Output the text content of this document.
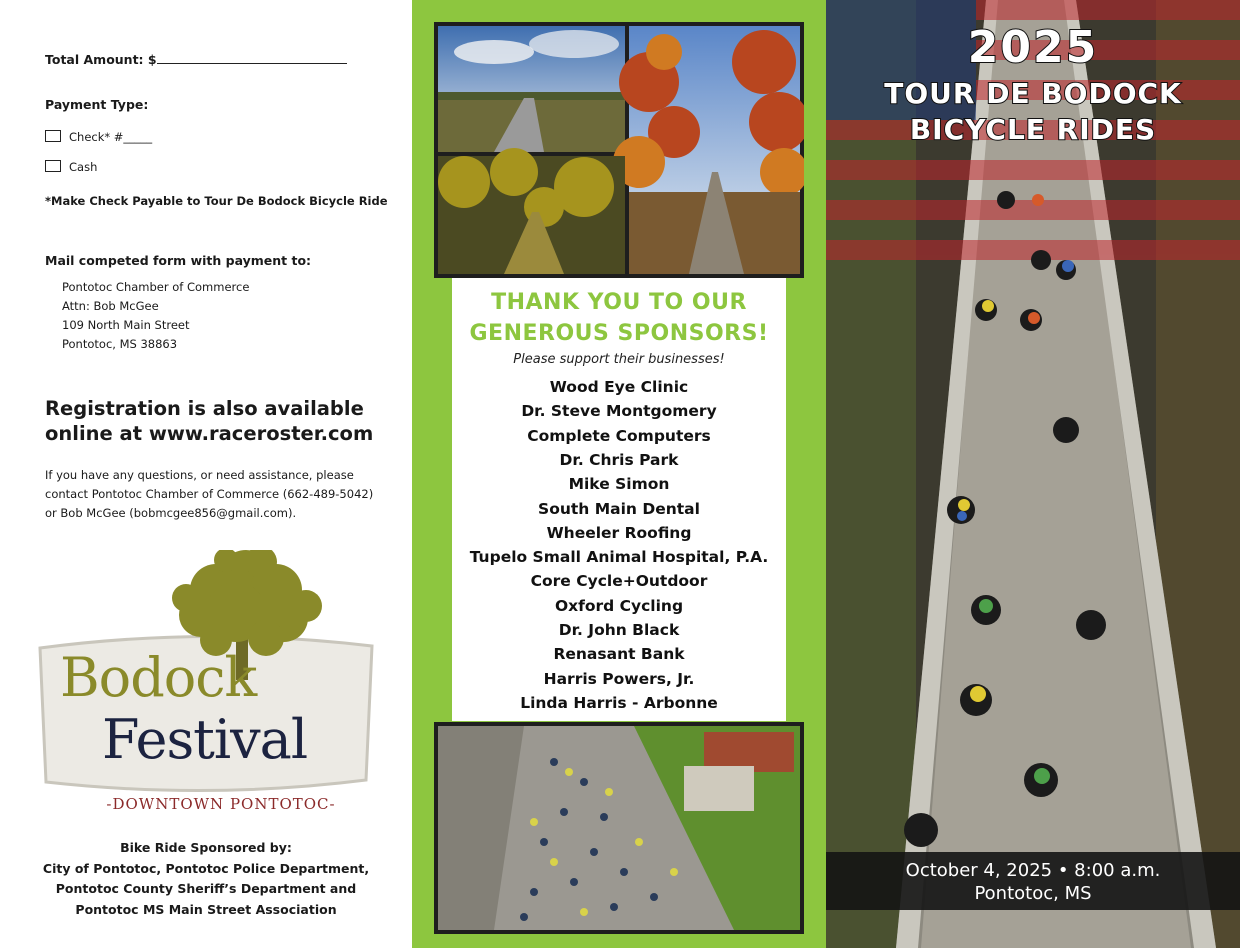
Total Amount: $
Payment Type:
Check* #_____
Cash
*Make Check Payable to Tour De Bodock Bicycle Ride
Mail competed form with payment to:
Pontotoc Chamber of Commerce
Attn: Bob McGee
109 North Main Street
Pontotoc, MS 38863
Registration is also available
online at www.raceroster.com
If you have any questions, or need assistance, please
contact Pontotoc Chamber of Commerce (662-489-5042)
or Bob McGee (bobmcgee856@gmail.com).
Bodock
Festival
-DOWNTOWN PONTOTOC-
Bike Ride Sponsored by:
City of Pontotoc, Pontotoc Police Department,
Pontotoc County Sheriff’s Department and
Pontotoc MS Main Street Association
THANK YOU TO OUR
GENEROUS SPONSORS!
Please support their businesses!
Wood Eye Clinic
Dr. Steve Montgomery
Complete Computers
Dr. Chris Park
Mike Simon
South Main Dental
Wheeler Roofing
Tupelo Small Animal Hospital, P.A.
Core Cycle+Outdoor
Oxford Cycling
Dr. John Black
Renasant Bank
Harris Powers, Jr.
Linda Harris - Arbonne
2025
TOUR DE BODOCK
BICYCLE RIDES
October 4, 2025 • 8:00 a.m.
Pontotoc, MS
